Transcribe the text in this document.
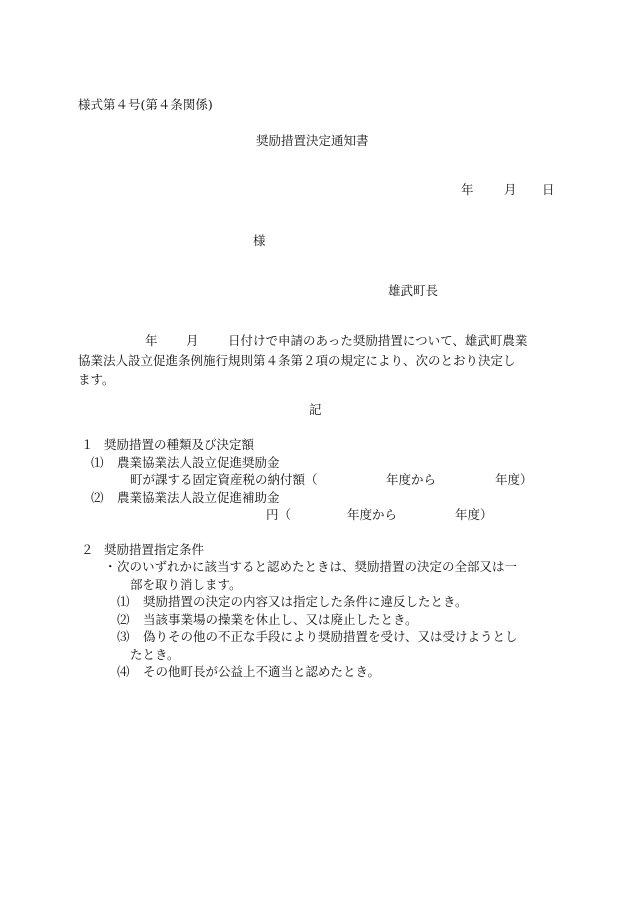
様式第４号(第４条関係)
奨励措置決定通知書
年 月 日
様
雄武町長
年 月 日付けで申請のあった奨励措置について、雄武町農業
協業法人設立促進条例施行規則第４条第２項の規定により、次のとおり決定し
ます。
記
１ 奨励措置の種類及び決定額
⑴ 農業協業法人設立促進奨励金
町が課する固定資産税の納付額（	年度から	年度）
⑵ 農業協業法人設立促進補助金
円（	年度から	年度）
２ 奨励措置指定条件
・ 次のいずれかに該当すると認めたときは、奨励措置の決定の全部又は一
部を取り消します。
⑴ 奨励措置の決定の内容又は指定した条件に違反したとき。
⑵ 当該事業場の操業を休止し、又は廃止したとき。
⑶ 偽りその他の不正な手段により奨励措置を受け、又は受けようとし
たとき。
⑷ その他町長が公益上不適当と認めたとき。
